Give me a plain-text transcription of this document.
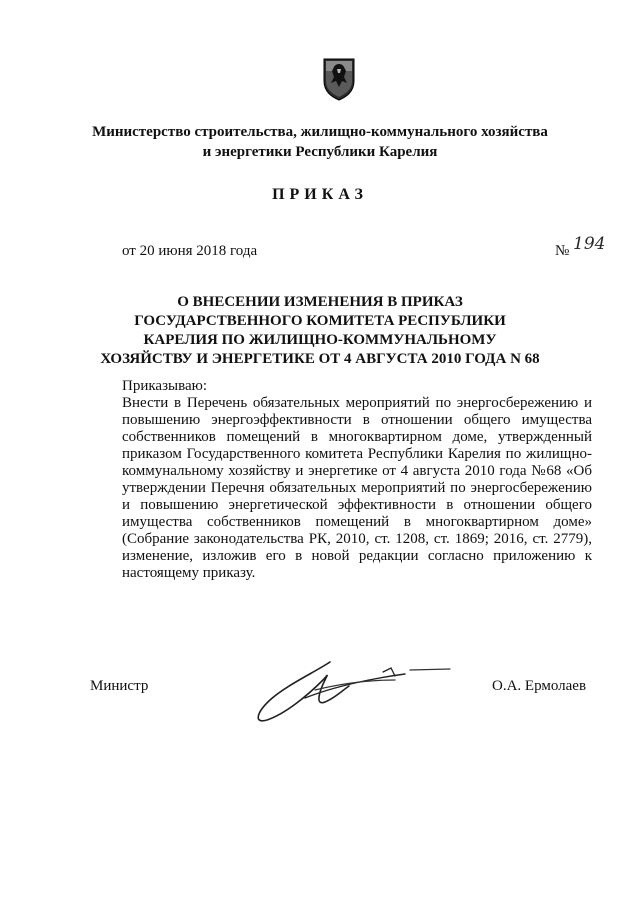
Министерство строительства, жилищно-коммунального хозяйства
и энергетики Республики Карелия
ПРИКАЗ
от 20 июня 2018 года	№ 194
О ВНЕСЕНИИ ИЗМЕНЕНИЯ В ПРИКАЗ ГОСУДАРСТВЕННОГО КОМИТЕТА РЕСПУБЛИКИ КАРЕЛИЯ ПО ЖИЛИЩНО-КОММУНАЛЬНОМУ ХОЗЯЙСТВУ И ЭНЕРГЕТИКЕ ОТ 4 АВГУСТА 2010 ГОДА N 68
Приказываю:
Внести в Перечень обязательных мероприятий по энергосбережению и повышению энергоэффективности в отношении общего имущества собственников помещений в многоквартирном доме, утвержденный приказом Государственного комитета Республики Карелия по жилищно-коммунальному хозяйству и энергетике от 4 августа 2010 года №68 «Об утверждении Перечня обязательных мероприятий по энергосбережению и повышению энергетической эффективности в отношении общего имущества собственников помещений в многоквартирном доме» (Собрание законодательства РК, 2010, ст. 1208, ст. 1869; 2016, ст. 2779), изменение, изложив его в новой редакции согласно приложению к настоящему приказу.
Министр	О.А. Ермолаев
